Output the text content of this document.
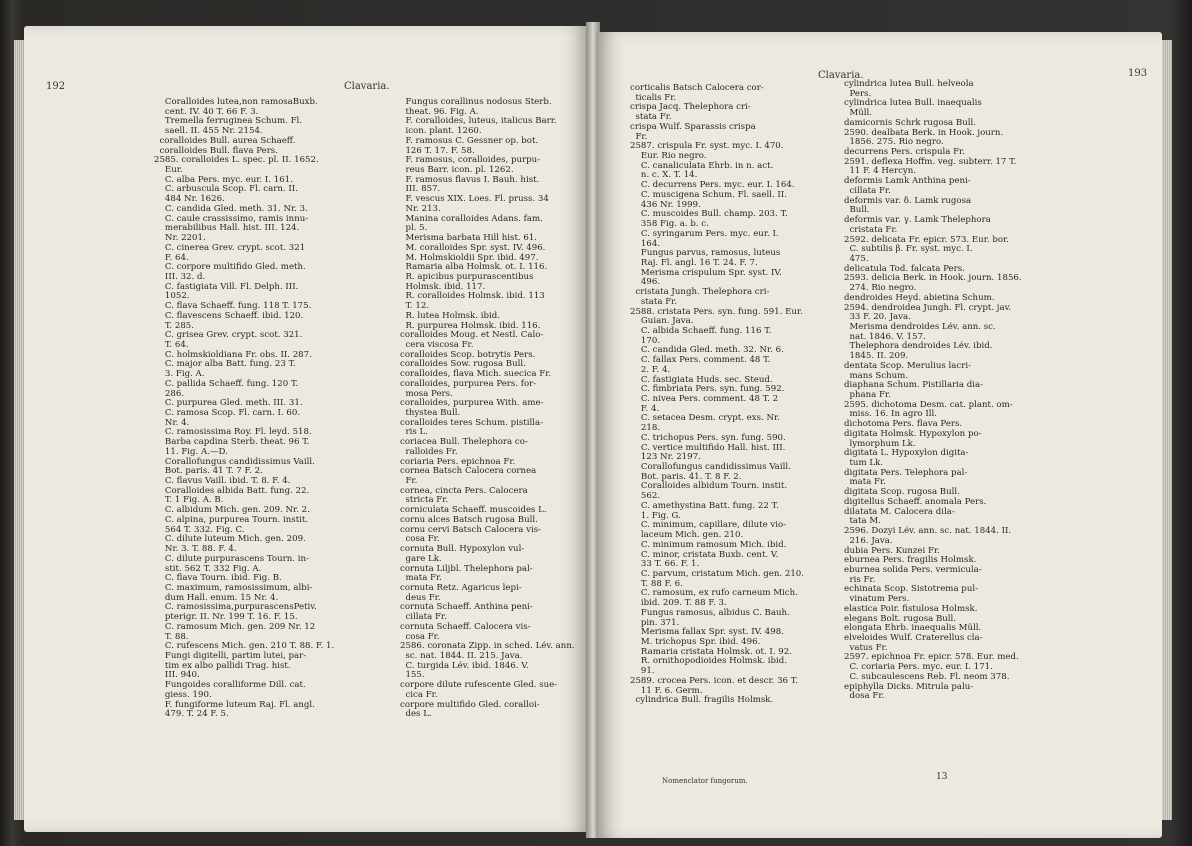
192	Clavaria.
Coralloides lutea,non ramosaBuxb.
cent. IV. 40 T. 66 F. 3.
Tremella ferruginea Schum. Fl.
saell. II. 455 Nr. 2154.
coralloides Bull. aurea Schaeff.
coralloides Bull. flava Pers.
2585. coralloides L. spec. pl. II. 1652.
Eur.
C. alba Pers. myc. eur. I. 161.
C. arbuscula Scop. Fl. carn. II.
484 Nr. 1626.
C. candida Gled. meth. 31. Nr. 3.
C. caule crassissimo, ramis innu-
merabilibus Hall. hist. III. 124.
Nr. 2201.
C. cinerea Grev. crypt. scot. 321
F. 64.
C. corpore multifido Gled. meth.
III. 32. d.
C. fastigiata Vill. Fl. Delph. III.
1052.
C. flava Schaeff. fung. 118 T. 175.
C. flavescens Schaeff. ibid. 120.
T. 285.
C. grisea Grev. crypt. scot. 321.
T. 64.
C. holmskioldiana Fr. obs. II. 287.
C. major alba Batt. fung. 23 T.
3. Fig. A.
C. pallida Schaeff. fung. 120 T.
286.
C. purpurea Gled. meth. III. 31.
C. ramosa Scop. Fl. carn. I. 60.
Nr. 4.
C. ramosissima Roy. Fl. leyd. 518.
Barba capdina Sterb. theat. 96 T.
11. Fig. A.—D.
Corallofungus candidissimus Vaill.
Bot. paris. 41 T. 7 F. 2.
C. flavus Vaill. ibid. T. 8. F. 4.
Coralloides albida Batt. fung. 22.
T. 1 Fig. A. B.
C. albidum Mich. gen. 209. Nr. 2.
C. alpina, purpurea Tourn. instit.
564 T. 332. Fig. C.
C. dilute luteum Mich. gen. 209.
Nr. 3. T. 88. F. 4.
C. dilute purpurascens Tourn. in-
stit. 562 T. 332 Fig. A.
C. flava Tourn. ibid. Fig. B.
C. maximum, ramosissimum, albi-
dum Hall. enum. 15 Nr. 4.
C. ramosissima,purpurascensPetiv.
pterigr. II. Nr. 199 T. 16. F. 15.
C. ramosum Mich. gen. 209 Nr. 12
T. 88.
C. rufescens Mich. gen. 210 T. 88. F. 1.
Fungi digitelli, partim lutei, par-
tim ex albo pallidi Trag. hist.
III. 940.
Fungoides coralliforme Dill. cat.
giess. 190.
F. fungiforme luteum Raj. Fl. angl.
479. T. 24 F. 5.
Fungus corallinus nodosus Sterb.
theat. 96. Fig. A.
F. coralloides, luteus, italicus Barr.
icon. plant. 1260.
F. ramosus C. Gessner op. bot.
126 T. 17. F. 58.
F. ramosus, coralloides, purpu-
reus Barr. icon. pl. 1262.
F. ramosus flavus I. Bauh. hist.
III. 857.
F. vescus XIX. Loes. Fl. pruss. 34
Nr. 213.
Manina coralloides Adans. fam.
pl. 5.
Merisma barbata Hill hist. 61.
M. coralloides Spr. syst. IV. 496.
M. Holmskioldii Spr. ibid. 497.
Ramaria alba Holmsk. ot. I. 116.
R. apicibus purpurascentibus
Holmsk. ibid. 117.
R. coralloides Holmsk. ibid. 113
T. 12.
R. lutea Holmsk. ibid.
R. purpurea Holmsk. ibid. 116.
coralloides Moug. et Nestl. Calo-
cera viscosa Fr.
coralloides Scop. botrytis Pers.
coralloides Sow. rugosa Bull.
coralloides, flava Mich. suecica Fr.
coralloides, purpurea Pers. for-
mosa Pers.
coralloides, purpurea With. ame-
thystea Bull.
coralloides teres Schum. pistilla-
ris L.
coriacea Bull. Thelephora co-
ralloides Fr.
coriaria Pers. epichnoa Fr.
cornea Batsch Calocera cornea
Fr.
cornea, cincta Pers. Calocera
stricta Fr.
corniculata Schaeff. muscoides L.
cornu alces Batsch rugosa Bull.
cornu cervi Batsch Calocera vis-
cosa Fr.
cornuta Bull. Hypoxylon vul-
gare Lk.
cornuta Liljbl. Thelephora pal-
mata Fr.
cornuta Retz. Agaricus lepi-
deus Fr.
cornuta Schaeff. Anthina peni-
cillata Fr.
cornuta Schaeff. Calocera vis-
cosa Fr.
2586. coronata Zipp. in sched. Lév. ann.
sc. nat. 1844. II. 215. Java.
C. turgida Lév. ibid. 1846. V.
155.
corpore dilute rufescente Gled. sue-
cica Fr.
corpore multifido Gled. coralloi-
des L.
Clavaria.	193
corticalis Batsch Calocera cor-
ticalis Fr.
crispa Jacq. Thelephora cri-
stata Fr.
crispa Wulf. Sparassis crispa
Fr.
2587. crispula Fr. syst. myc. I. 470.
Eur. Rio negro.
C. canaliculata Ehrb. in n. act.
n. c. X. T. 14.
C. decurrens Pers. myc. eur. I. 164.
C. muscigena Schum. Fl. saell. II.
436 Nr. 1999.
C. muscoides Bull. champ. 203. T.
358 Fig. a. b. c.
C. syringarum Pers. myc. eur. I.
164.
Fungus parvus, ramosus, luteus
Raj. Fl. angl. 16 T. 24. F. 7.
Merisma crispulum Spr. syst. IV.
496.
cristata Jungh. Thelephora cri-
stata Fr.
2588. cristata Pers. syn. fung. 591. Eur.
Guian. Java.
C. albida Schaeff. fung. 116 T.
170.
C. candida Gled. meth. 32. Nr. 6.
C. fallax Pers. comment. 48 T.
2. F. 4.
C. fastigiata Huds. sec. Steud.
C. fimbriata Pers. syn. fung. 592.
C. nivea Pers. comment. 48 T. 2
F. 4.
C. setacea Desm. crypt. exs. Nr.
218.
C. trichopus Pers. syn. fung. 590.
C. vertice multifido Hall. hist. III.
123 Nr. 2197.
Corallofungus candidissimus Vaill.
Bot. paris. 41. T. 8 F. 2.
Coralloides albidum Tourn. instit.
562.
C. amethystina Batt. fung. 22 T.
1. Fig. G.
C. minimum, capillare, dilute vio-
laceum Mich. gen. 210.
C. minimum ramosum Mich. ibid.
C. minor, cristata Buxb. cent. V.
33 T. 66. F. 1.
C. parvum, cristatum Mich. gen. 210.
T. 88 F. 6.
C. ramosum, ex rufo carneum Mich.
ibid. 209. T. 88 F. 3.
Fungus ramosus, albidus C. Bauh.
pin. 371.
Merisma fallax Spr. syst. IV. 498.
M. trichopus Spr. ibid. 496.
Ramaria cristata Holmsk. ot. I. 92.
R. ornithopodioides Holmsk. ibid.
91.
2589. crocea Pers. icon. et descr. 36 T.
11 F. 6. Germ.
cylindrica Bull. fragilis Holmsk.
cylindrica lutea Bull. helveola
Pers.
cylindrica lutea Bull. inaequalis
Müll.
damicornis Schrk rugosa Bull.
2590. dealbata Berk. in Hook. journ.
1856. 275. Rio negro.
decurrens Pers. crispula Fr.
2591. deflexa Hoffm. veg. subterr. 17 T.
11 F. 4 Hercyn.
deformis Lamk Anthina peni-
cillata Fr.
deformis var. δ. Lamk rugosa
Bull.
deformis var. γ. Lamk Thelephora
cristata Fr.
2592. delicata Fr. epicr. 573. Eur. bor.
C. subtilis β. Fr. syst. myc. I.
475.
delicatula Tod. falcata Pers.
2593. delicia Berk. in Hook. journ. 1856.
274. Rio negro.
dendroides Heyd. abietina Schum.
2594. dendroidea Jungh. Fl. crypt. jav.
33 F. 20. Java.
Merisma dendroides Lév. ann. sc.
nat. 1846. V. 157.
Thelephora dendroides Lév. ibid.
1845. II. 209.
dentata Scop. Merulius lacri-
mans Schum.
diaphana Schum. Pistillaria dia-
phana Fr.
2595. dichotoma Desm. cat. plant. om-
miss. 16. In agro Ill.
dichotoma Pers. flava Pers.
digitata Holmsk. Hypoxylon po-
lymorphum Lk.
digitata L. Hypoxylon digita-
tum Lk.
digitata Pers. Telephora pal-
mata Fr.
digitata Scop. rugosa Bull.
digitellus Schaeff. anomala Pers.
dilatata M. Calocera dila-
tata M.
2596. Dozyi Lév. ann. sc. nat. 1844. II.
216. Java.
dubia Pers. Kunzei Fr.
eburnea Pers. fragilis Holmsk.
eburnea solida Pers. vermicula-
ris Fr.
echinata Scop. Sistotrema pul-
vinatum Pers.
elastica Poir. fistulosa Holmsk.
elegans Bolt. rugosa Bull.
elongata Ehrb. inaequalis Müll.
elveloides Wulf. Craterellus cla-
vatus Fr.
2597. epichnoa Fr. epicr. 578. Eur. med.
C. coriaria Pers. myc. eur. I. 171.
C. subcaulescens Reb. Fl. neom 378.
epiphylla Dicks. Mitrula palu-
dosa Fr.
Nomenclator fungorum.	13
